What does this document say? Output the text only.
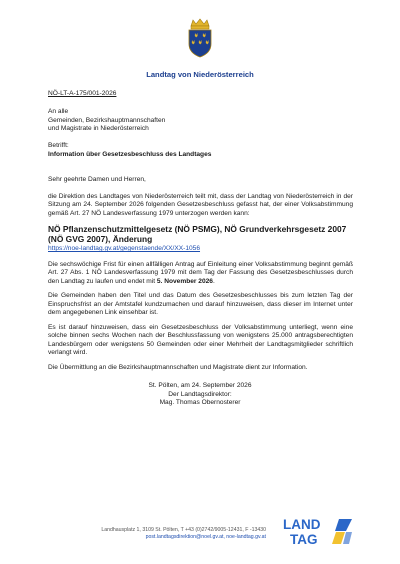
Landtag von Niederösterreich
NÖ-LT-A-175/001-2026
An alle
Gemeinden, Bezirkshauptmannschaften
und Magistrate in Niederösterreich
Betrifft:
Information über Gesetzesbeschluss des Landtages

Sehr geehrte Damen und Herren,

die Direktion des Landtages von Niederösterreich teilt mit, dass der Landtag von Niederösterreich in der Sitzung am 24. September 2026 folgenden Gesetzesbeschluss gefasst hat, der einer Volksabstimmung gemäß Art. 27 NÖ Landesverfassung 1979 unterzogen werden kann:

NÖ Pflanzenschutzmittelgesetz (NÖ PSMG), NÖ Grundverkehrsgesetz 2007 (NÖ GVG 2007), Änderung
https://noe-landtag.gv.at/gegenstaende/XX/XX-1056

Die sechswöchige Frist für einen allfälligen Antrag auf Einleitung einer Volksabstimmung beginnt gemäß Art. 27 Abs. 1 NÖ Landesverfassung 1979 mit dem Tag der Fassung des Gesetzesbeschlusses durch den Landtag zu laufen und endet mit 5. November 2026.

Die Gemeinden haben den Titel und das Datum des Gesetzesbeschlusses bis zum letzten Tag der Einspruchsfrist an der Amtstafel kundzumachen und darauf hinzuweisen, dass dieser im Internet unter dem angegebenen Link einsehbar ist.

Es ist darauf hinzuweisen, dass ein Gesetzesbeschluss der Volksabstimmung unterliegt, wenn eine solche binnen sechs Wochen nach der Beschlussfassung von wenigstens 25.000 antragsberechtigten Landesbürgern oder wenigstens 50 Gemeinden oder einer Mehrheit der Landtagsmitglieder schriftlich verlangt wird.

Die Übermittlung an die Bezirkshauptmannschaften und Magistrate dient zur Information.

St. Pölten, am 24. September 2026
Der Landtagsdirektor:
Mag. Thomas Obernosterer
Landhausplatz 1, 3109 St. Pölten, T +43 (0)2742/9005-12431, F -13430
post.landtagsdirektion@noel.gv.at, noe-landtag.gv.at
LAND
TAG
